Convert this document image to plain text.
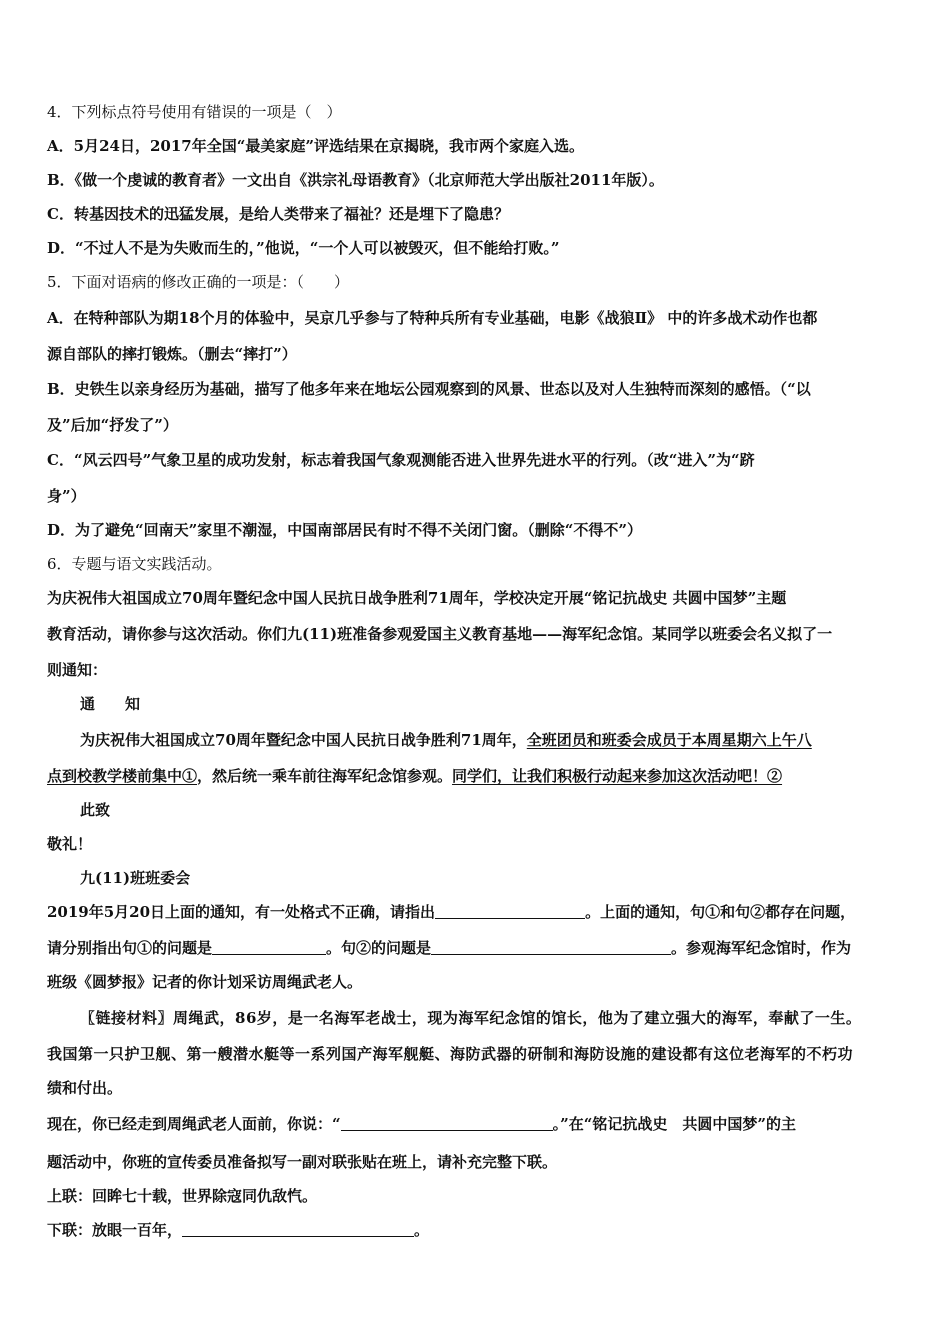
4．下列标点符号使用有错误的一项是（　）
A．5月24日，2017年全国“最美家庭”评选结果在京揭晓，我市两个家庭入选。
B．《做一个虔诚的教育者》一文出自《洪宗礼母语教育》（北京师范大学出版社2011年版）。
C．转基因技术的迅猛发展，是给人类带来了福祉？还是埋下了隐患？
D．“不过人不是为失败而生的，”他说，“一个人可以被毁灭，但不能给打败。”
5．下面对语病的修改正确的一项是：（　　）
A．在特种部队为期18个月的体验中，吴京几乎参与了特种兵所有专业基础，电影《战狼Ⅱ》 中的许多战术动作也都
源自部队的摔打锻炼。（删去“摔打”）
B．史铁生以亲身经历为基础，描写了他多年来在地坛公园观察到的风景、世态以及对人生独特而深刻的感悟。（“以
及”后加“抒发了”）
C．“风云四号”气象卫星的成功发射，标志着我国气象观测能否进入世界先进水平的行列。（改“进入”为“跻
身”）
D．为了避免“回南天”家里不潮湿，中国南部居民有时不得不关闭门窗。（删除“不得不”）
6．专题与语文实践活动。
为庆祝伟大祖国成立70周年暨纪念中国人民抗日战争胜利71周年，学校决定开展“铭记抗战史 共圆中国梦”主题
教育活动，请你参与这次活动。你们九(11)班准备参观爱国主义教育基地——海军纪念馆。某同学以班委会名义拟了一
则通知：
通　　知
为庆祝伟大祖国成立70周年暨纪念中国人民抗日战争胜利71周年，全班团员和班委会成员于本周星期六上午八
点到校教学楼前集中①，然后统一乘车前往海军纪念馆参观。同学们，让我们积极行动起来参加这次活动吧！②
此致
敬礼！
九(11)班班委会
2019年5月20日上面的通知，有一处格式不正确，请指出	。上面的通知，句①和句②都存在问题，
请分别指出句①的问题是	。句②的问题是	。参观海军纪念馆时，作为
班级《圆梦报》记者的你计划采访周绳武老人。
〖链接材料〗周绳武，86岁，是一名海军老战士，现为海军纪念馆的馆长，他为了建立强大的海军，奉献了一生。
我国第一只护卫舰、第一艘潜水艇等一系列国产海军舰艇、海防武器的研制和海防设施的建设都有这位老海军的不朽功
绩和付出。
现在，你已经走到周绳武老人面前，你说：“	。”在“铭记抗战史　共圆中国梦”的主
题活动中，你班的宣传委员准备拟写一副对联张贴在班上，请补充完整下联。
上联：回眸七十载，世界除寇同仇敌忾。
下联：放眼一百年，	。
